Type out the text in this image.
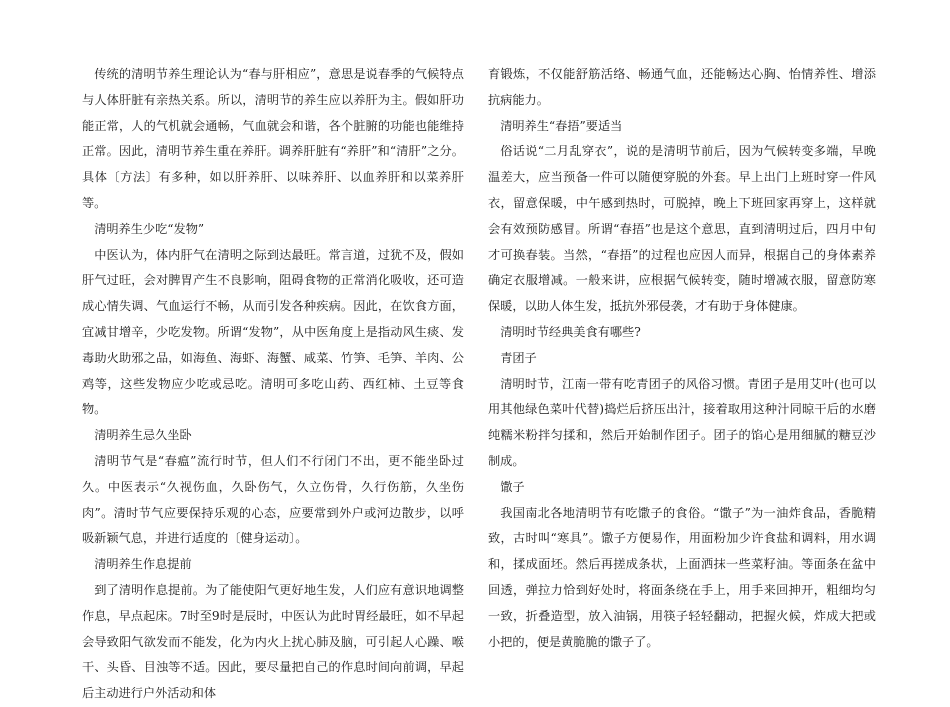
传统的清明节养生理论认为“春与肝相应”，意思是说春季的气候特点与人体肝脏有亲热关系。所以，清明节的养生应以养肝为主。假如肝功能正常，人的气机就会通畅，气血就会和谐，各个脏腑的功能也能维持正常。因此，清明节养生重在养肝。调养肝脏有“养肝”和“清肝”之分。具体〔方法〕有多种，如以肝养肝、以味养肝、以血养肝和以菜养肝等。

清明养生少吃“发物”

中医认为，体内肝气在清明之际到达最旺。常言道，过犹不及，假如肝气过旺，会对脾胃产生不良影响，阻碍食物的正常消化吸收，还可造成心情失调、气血运行不畅，从而引发各种疾病。因此，在饮食方面，宜减甘增辛，少吃发物。所谓“发物”，从中医角度上是指动风生痰、发毒助火助邪之品，如海鱼、海虾、海蟹、咸菜、竹笋、毛笋、羊肉、公鸡等，这些发物应少吃或忌吃。清明可多吃山药、西红柿、土豆等食物。

清明养生忌久坐卧

清明节气是“春瘟”流行时节，但人们不行闭门不出，更不能坐卧过久。中医表示“久视伤血，久卧伤气，久立伤骨，久行伤筋，久坐伤肉”。清时节气应要保持乐观的心态，应要常到外户或河边散步，以呼吸新颖气息，并进行适度的〔健身运动〕。

清明养生作息提前

到了清明作息提前。为了能使阳气更好地生发，人们应有意识地调整作息，早点起床。7时至9时是辰时，中医认为此时胃经最旺，如不早起会导致阳气欲发而不能发，化为内火上扰心肺及脑，可引起人心躁、喉干、头昏、目浊等不适。因此，要尽量把自己的作息时间向前调，早起后主动进行户外活动和体

育锻炼，不仅能舒筋活络、畅通气血，还能畅达心胸、怡情养性、增添抗病能力。

清明养生“春捂”要适当

俗话说“二月乱穿衣”，说的是清明节前后，因为气候转变多端，早晚温差大，应当预备一件可以随便穿脱的外套。早上出门上班时穿一件风衣，留意保暖，中午感到热时，可脱掉，晚上下班回家再穿上，这样就会有效预防感冒。所谓“春捂”也是这个意思，直到清明过后，四月中旬才可换春装。当然，“春捂”的过程也应因人而异，根据自己的身体素养确定衣服增减。一般来讲，应根据气候转变，随时增减衣服，留意防寒保暖，以助人体生发，抵抗外邪侵袭，才有助于身体健康。

清明时节经典美食有哪些?

青团子

清明时节，江南一带有吃青团子的风俗习惯。青团子是用艾叶(也可以用其他绿色菜叶代替)捣烂后挤压出汁，接着取用这种汁同晾干后的水磨纯糯米粉拌匀揉和，然后开始制作团子。团子的馅心是用细腻的糖豆沙制成。

馓子

我国南北各地清明节有吃馓子的食俗。“馓子”为一油炸食品，香脆精致，古时叫“寒具”。馓子方便易作，用面粉加少许食盐和调料，用水调和，揉成面坯。然后再搓成条状，上面洒抹一些菜籽油。等面条在盆中回透，弹拉力恰到好处时，将面条绕在手上，用手来回抻开，粗细均匀一致，折叠造型，放入油锅，用筷子轻轻翻动，把握火候，炸成大把或小把的，便是黄脆脆的馓子了。
